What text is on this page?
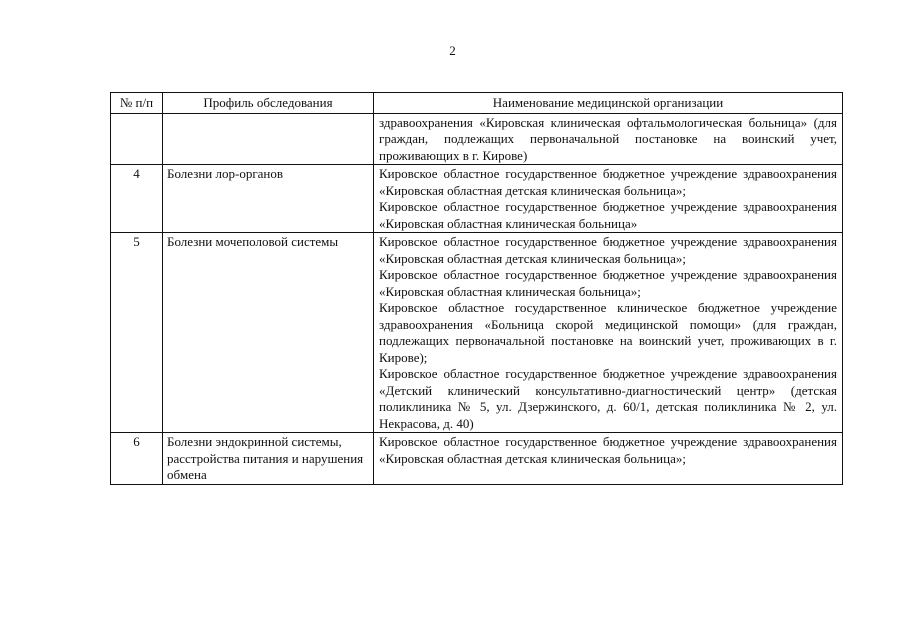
2
№ п/п	Профиль обследования	Наименование медицинской организации

		здравоохранения «Кировская клиническая офтальмологическая больница» (для граждан, подлежащих первоначальной постановке на воинский учет, проживающих в г. Кирове)

4	Болезни лор-органов	Кировское областное государственное бюджетное учреждение здравоохранения «Кировская областная детская клиническая больница»;
Кировское областное государственное бюджетное учреждение здравоохранения «Кировская областная клиническая больница»

5	Болезни мочеполовой системы	Кировское областное государственное бюджетное учреждение здравоохранения «Кировская областная детская клиническая больница»;
Кировское областное государственное бюджетное учреждение здравоохранения «Кировская областная клиническая больница»;
Кировское областное государственное клиническое бюджетное учреждение здравоохранения «Больница скорой медицинской помощи» (для граждан, подлежащих первоначальной постановке на воинский учет, проживающих в г. Кирове);
Кировское областное государственное бюджетное учреждение здравоохранения «Детский клинический консультативно-диагностический центр» (детская поликлиника № 5, ул. Дзержинского, д. 60/1, детская поликлиника № 2, ул. Некрасова, д. 40)

6	Болезни эндокринной системы, расстройства питания и нарушения обмена	Кировское областное государственное бюджетное учреждение здравоохранения «Кировская областная детская клиническая больница»;
